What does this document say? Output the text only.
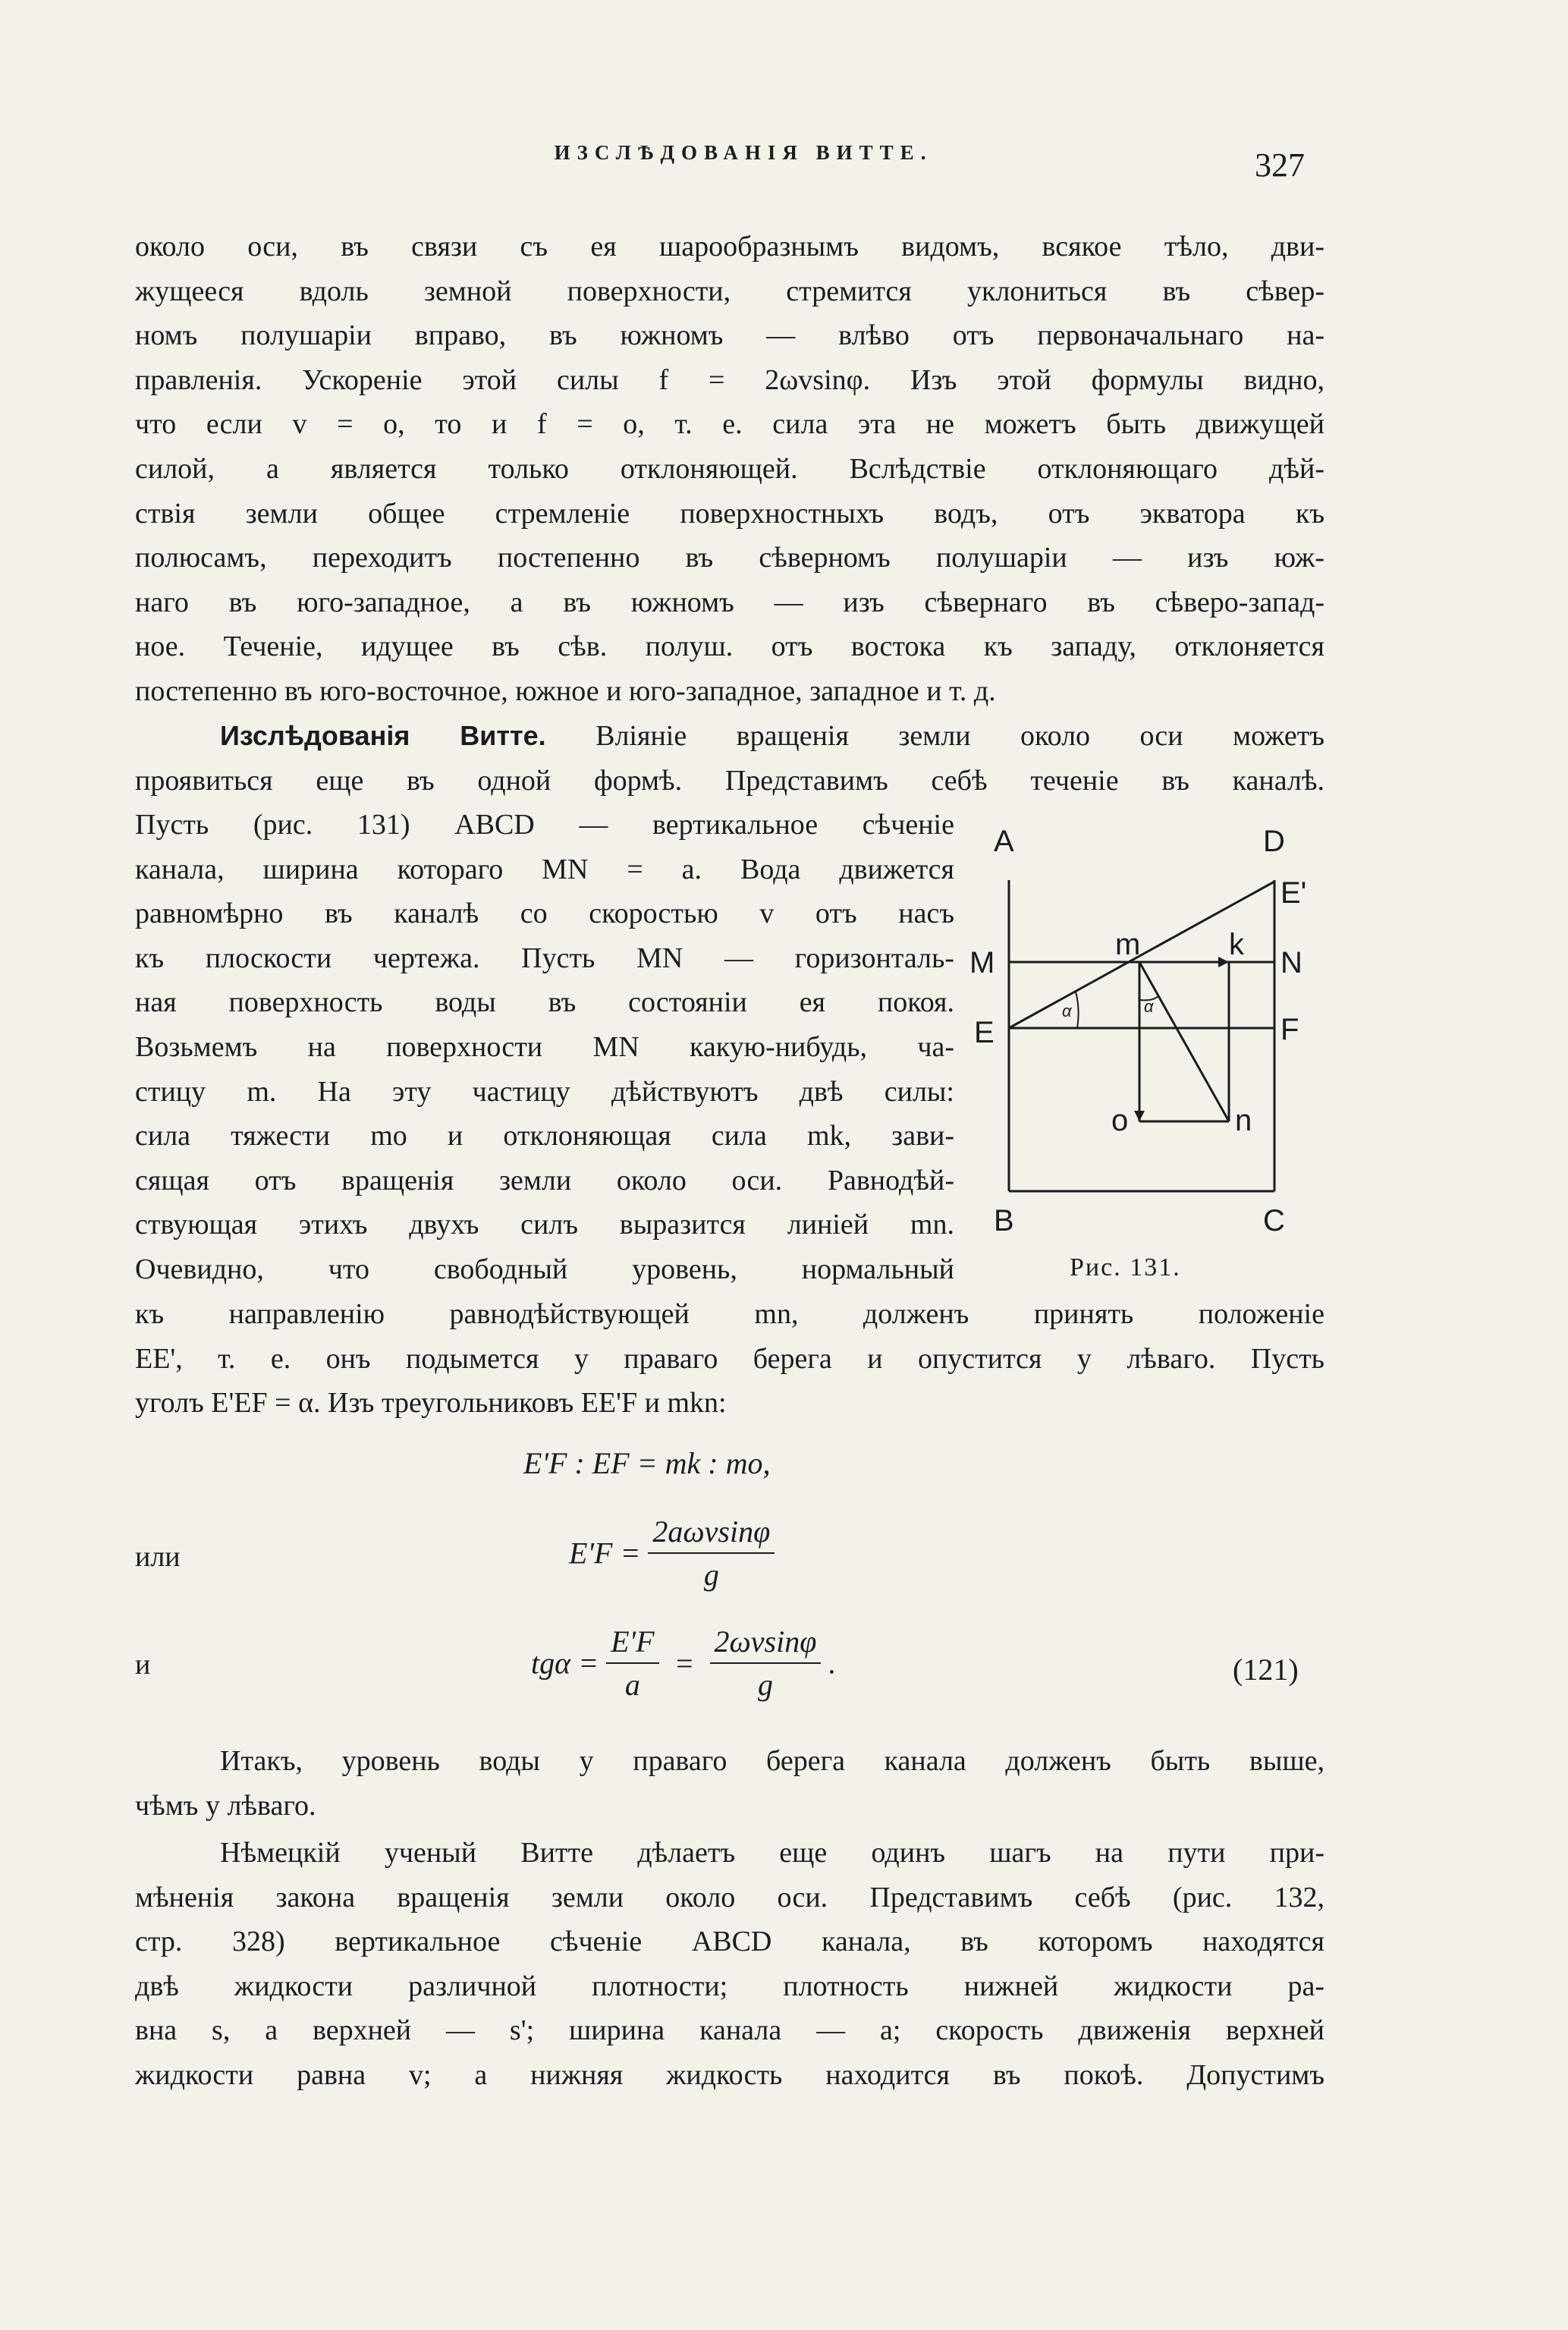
ИЗСЛѢДОВАНІЯ ВИТТЕ.	327
около оси, въ связи съ ея шарообразнымъ видомъ, всякое тѣло, дви-
жущееся вдоль земной поверхности, стремится уклониться въ сѣвер-
номъ полушаріи вправо, въ южномъ — влѣво отъ первоначальнаго на-
правленія. Ускореніе этой силы f = 2ωvsinφ. Изъ этой формулы видно,
что если v = o, то и f = o, т. е. сила эта не можетъ быть движущей
силой, а является только отклоняющей. Вслѣдствіе отклоняющаго дѣй-
ствія земли общее стремленіе поверхностныхъ водъ, отъ экватора къ
полюсамъ, переходитъ постепенно въ сѣверномъ полушаріи — изъ юж-
наго въ юго-западное, а въ южномъ — изъ сѣвернаго въ сѣверо-запад-
ное. Теченіе, идущее въ сѣв. полуш. отъ востока къ западу, отклоняется
постепенно въ юго-восточное, южное и юго-западное, западное и т. д.
Изслѣдованія Витте. Вліяніе вращенія земли около оси можетъ
проявиться еще въ одной формѣ. Представимъ себѣ теченіе въ каналѣ.
Пусть (рис. 131) ABCD — вертикальное сѣченіе
канала, ширина котораго MN = a. Вода движется
равномѣрно въ каналѣ со скоростью v отъ насъ
къ плоскости чертежа. Пусть MN — горизонталь-
ная поверхность воды въ состояніи ея покоя.
Возьмемъ на поверхности MN какую-нибудь, ча-
стицу m. На эту частицу дѣйствуютъ двѣ силы:
сила тяжести mo и отклоняющая сила mk, зави-
сящая отъ вращенія земли около оси. Равнодѣй-
ствующая этихъ двухъ силъ выразится линіей mn.
Очевидно, что свободный уровень, нормальный
A	D
E'
M
m	k
N
E	F
o	n
B	C
α	α
Рис. 131.
къ направленію равнодѣйствующей mn, долженъ принять положеніе
EE', т. е. онъ подымется у праваго берега и опустится у лѣваго. Пусть
уголъ E'EF = α. Изъ треугольниковъ EE'F и mkn:
E'F : EF = mk : mo,
или	$E'F = \frac{\text{2aωvsinφ}}{g}$
и	$tg\alpha = \frac{E'F}{a} = \frac{2\omega vsin\varphi}{g}$ .	(121)
Итакъ, уровень воды у праваго берега канала долженъ быть выше,
чѣмъ у лѣваго.
Нѣмецкій ученый Витте дѣлаетъ еще одинъ шагъ на пути при-
мѣненія закона вращенія земли около оси. Представимъ себѣ (рис. 132,
стр. 328) вертикальное сѣченіе ABCD канала, въ которомъ находятся
двѣ жидкости различной плотности; плотность нижней жидкости ра-
вна s, а верхней — s'; ширина канала — a; скорость движенія верхней
жидкости равна v; а нижняя жидкость находится въ покоѣ. Допустимъ
